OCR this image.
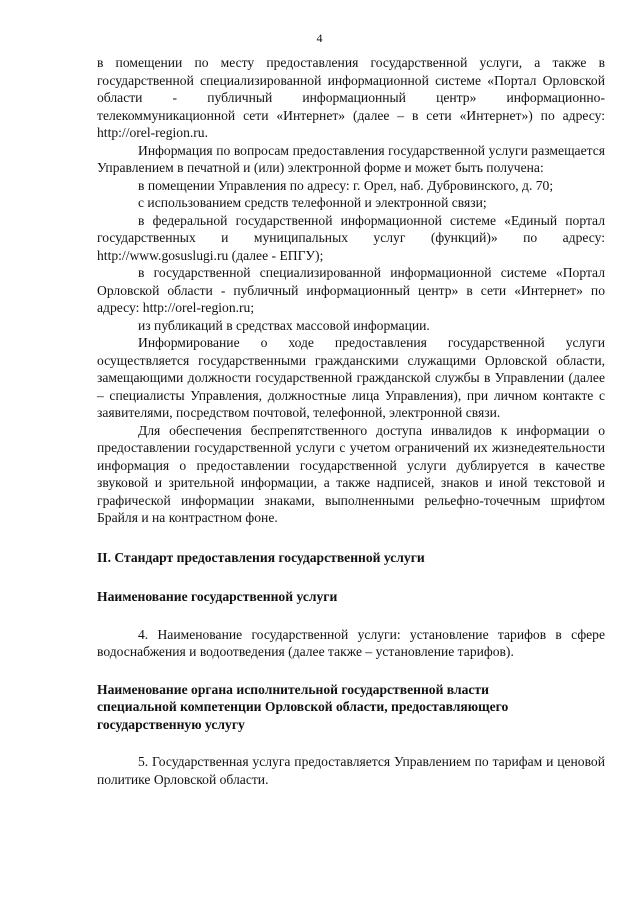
4

в помещении по месту предоставления государственной услуги, а также в государственной специализированной информационной системе «Портал Орловской области - публичный информационный центр» информационно-телекоммуникационной сети «Интернет» (далее – в сети «Интернет») по адресу: http://orel-region.ru.

Информация по вопросам предоставления государственной услуги размещается Управлением в печатной и (или) электронной форме и может быть получена:

в помещении Управления по адресу: г. Орел, наб. Дубровинского, д. 70;

с использованием средств телефонной и электронной связи;

в федеральной государственной информационной системе «Единый портал государственных и муниципальных услуг (функций)» по адресу: http://www.gosuslugi.ru (далее - ЕПГУ);

в государственной специализированной информационной системе «Портал Орловской области - публичный информационный центр» в сети «Интернет» по адресу: http://orel-region.ru;

из публикаций в средствах массовой информации.

Информирование о ходе предоставления государственной услуги осуществляется государственными гражданскими служащими Орловской области, замещающими должности государственной гражданской службы в Управлении (далее – специалисты Управления, должностные лица Управления), при личном контакте с заявителями, посредством почтовой, телефонной, электронной связи.

Для обеспечения беспрепятственного доступа инвалидов к информации о предоставлении государственной услуги с учетом ограничений их жизнедеятельности информация о предоставлении государственной услуги дублируется в качестве звуковой и зрительной информации, а также надписей, знаков и иной текстовой и графической информации знаками, выполненными рельефно-точечным шрифтом Брайля и на контрастном фоне.

II. Стандарт предоставления государственной услуги

Наименование государственной услуги

4. Наименование государственной услуги: установление тарифов в сфере водоснабжения и водоотведения (далее также – установление тарифов).

Наименование органа исполнительной государственной власти

специальной компетенции Орловской области, предоставляющего

государственную услугу

5. Государственная услуга предоставляется Управлением по тарифам и ценовой политике Орловской области.
